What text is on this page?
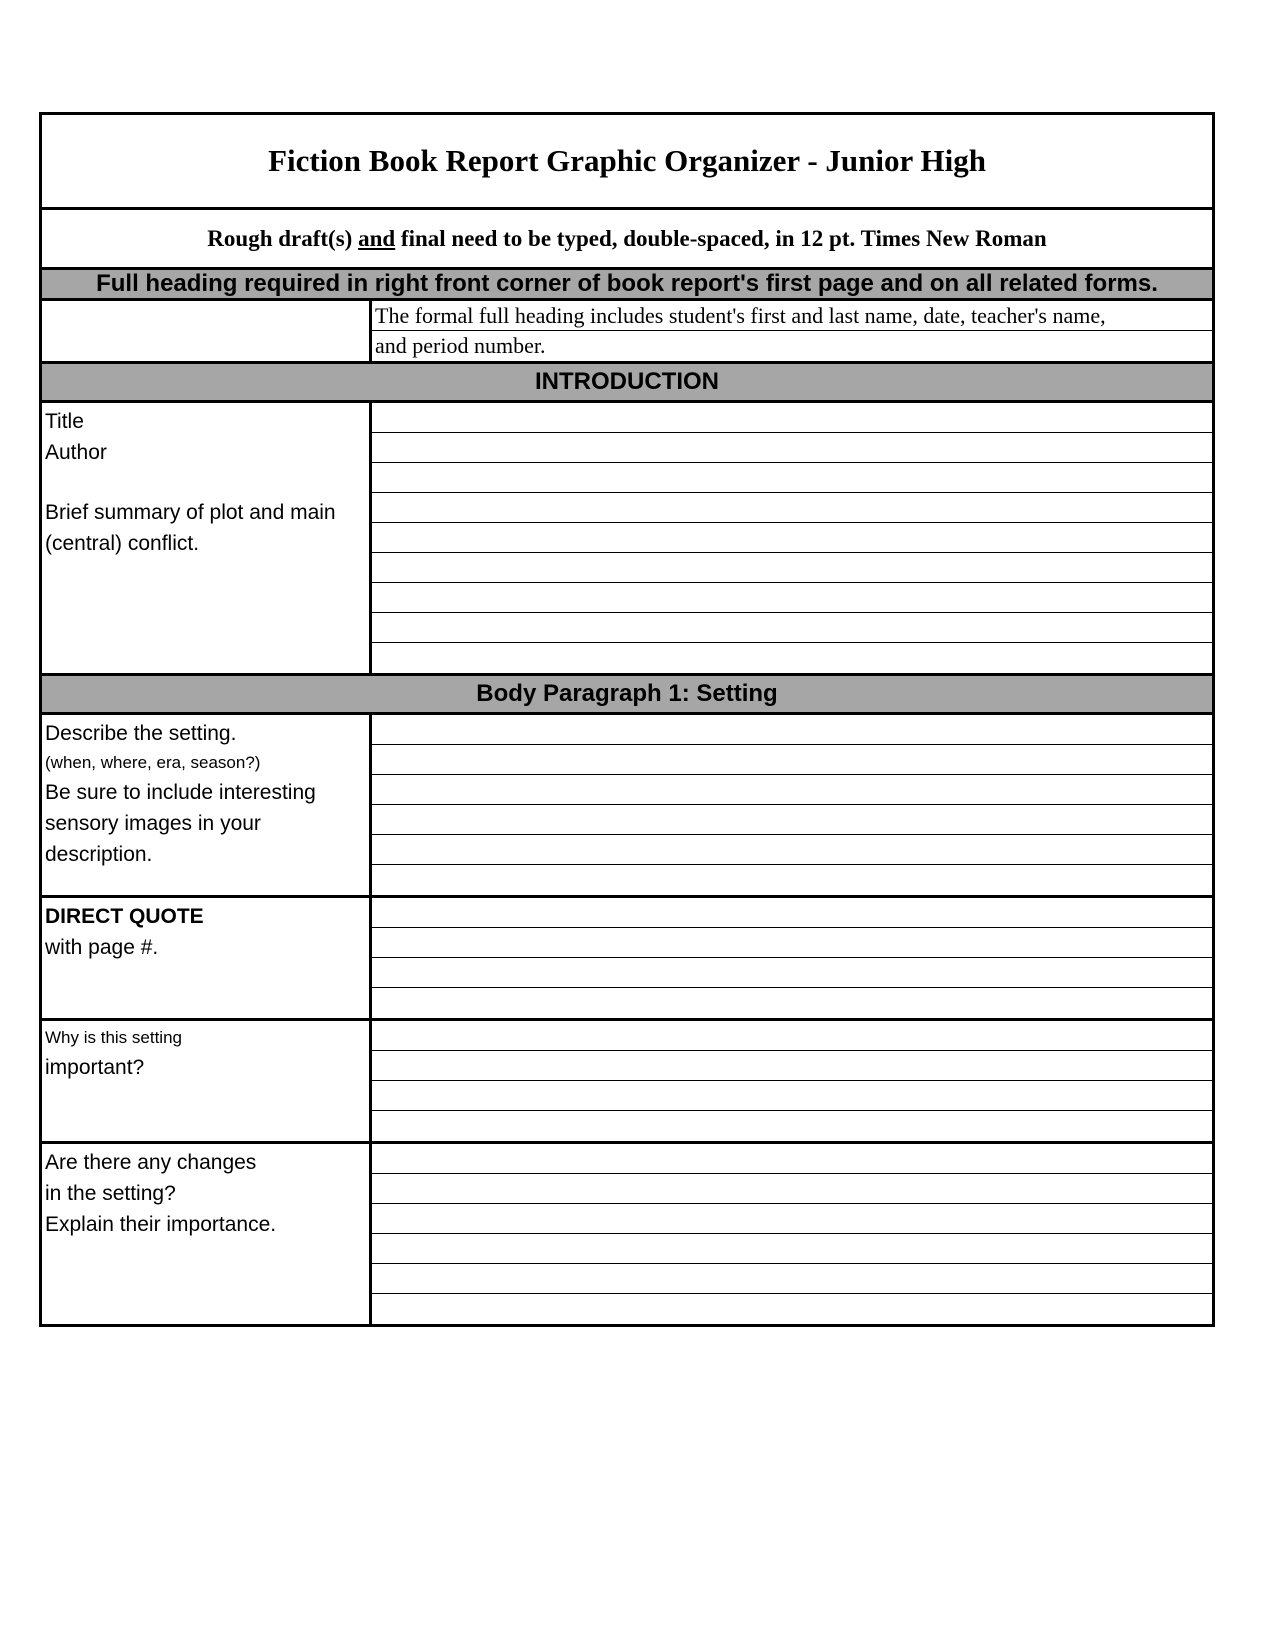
Fiction Book Report Graphic Organizer - Junior High
Rough draft(s) and final need to be typed, double-spaced, in 12 pt. Times New Roman
Full heading required in right front corner of book report's first page and on all related forms.
The formal full heading includes student's first and last name, date, teacher's name,
and period number.
INTRODUCTION
Title
Author
Brief summary of plot and main
(central) conflict.
Body Paragraph 1: Setting
Describe the setting.
(when, where, era, season?)
Be sure to include interesting
sensory images in your
description.
DIRECT QUOTE
with page #.
Why is this setting
important?
Are there any changes
in the setting?
Explain their importance.
